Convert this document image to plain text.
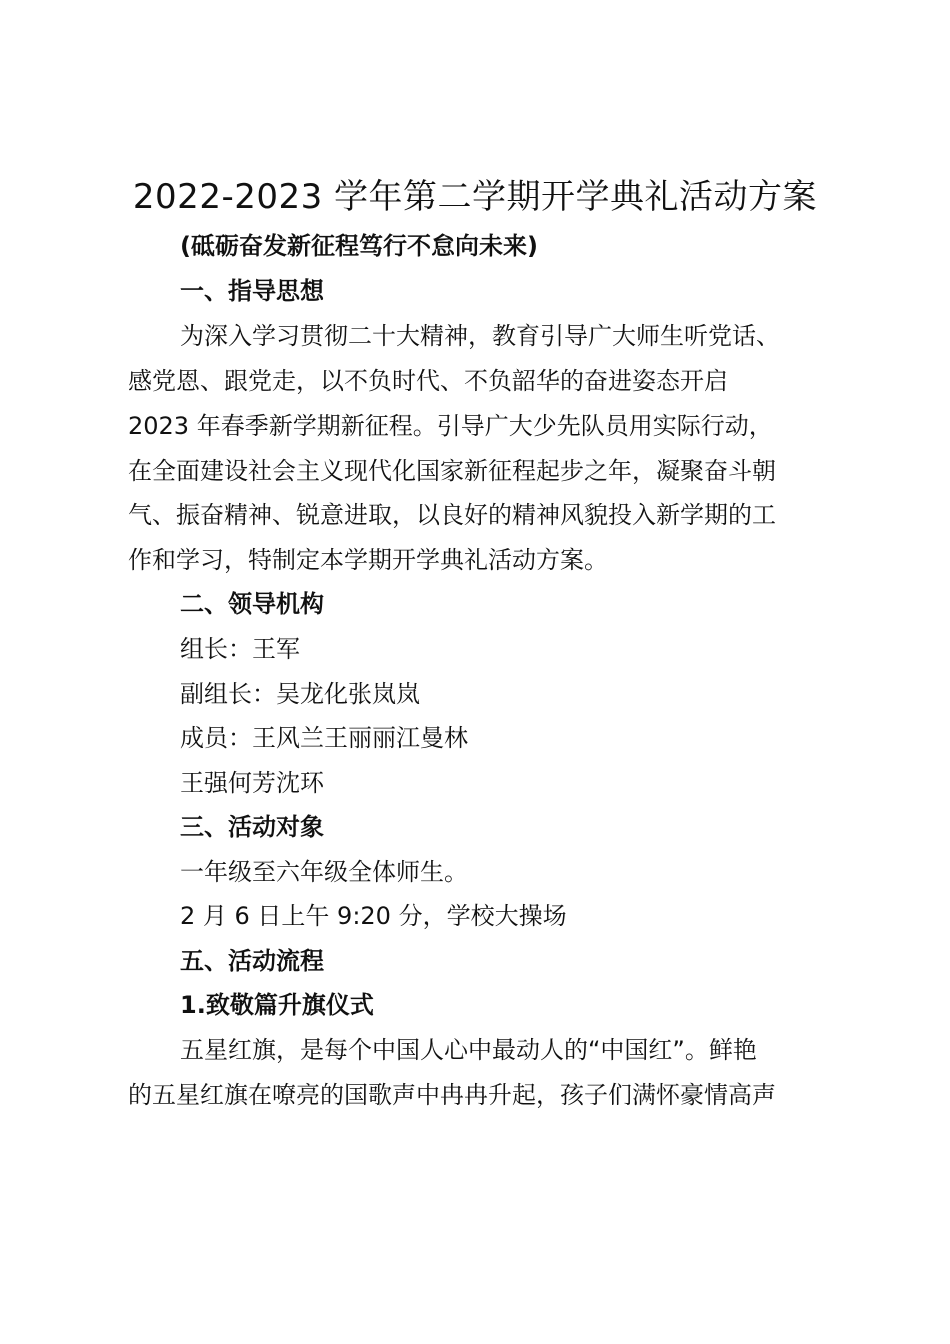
2022-2023 学年第二学期开学典礼活动方案
(砥砺奋发新征程笃行不怠向未来)
一、指导思想
为深入学习贯彻二十大精神，教育引导广大师生听党话、
感党恩、跟党走，以不负时代、不负韶华的奋进姿态开启
2023 年春季新学期新征程。引导广大少先队员用实际行动，
在全面建设社会主义现代化国家新征程起步之年，凝聚奋斗朝
气、振奋精神、锐意进取，以良好的精神风貌投入新学期的工
作和学习，特制定本学期开学典礼活动方案。
二、领导机构
组长：王军
副组长：吴龙化张岚岚
成员：王风兰王丽丽江曼林
王强何芳沈环
三、活动对象
一年级至六年级全体师生。
2 月 6 日上午 9:20 分，学校大操场
五、活动流程
1.致敬篇升旗仪式
五星红旗，是每个中国人心中最动人的“中国红”。鲜艳
的五星红旗在嘹亮的国歌声中冉冉升起，孩子们满怀豪情高声
